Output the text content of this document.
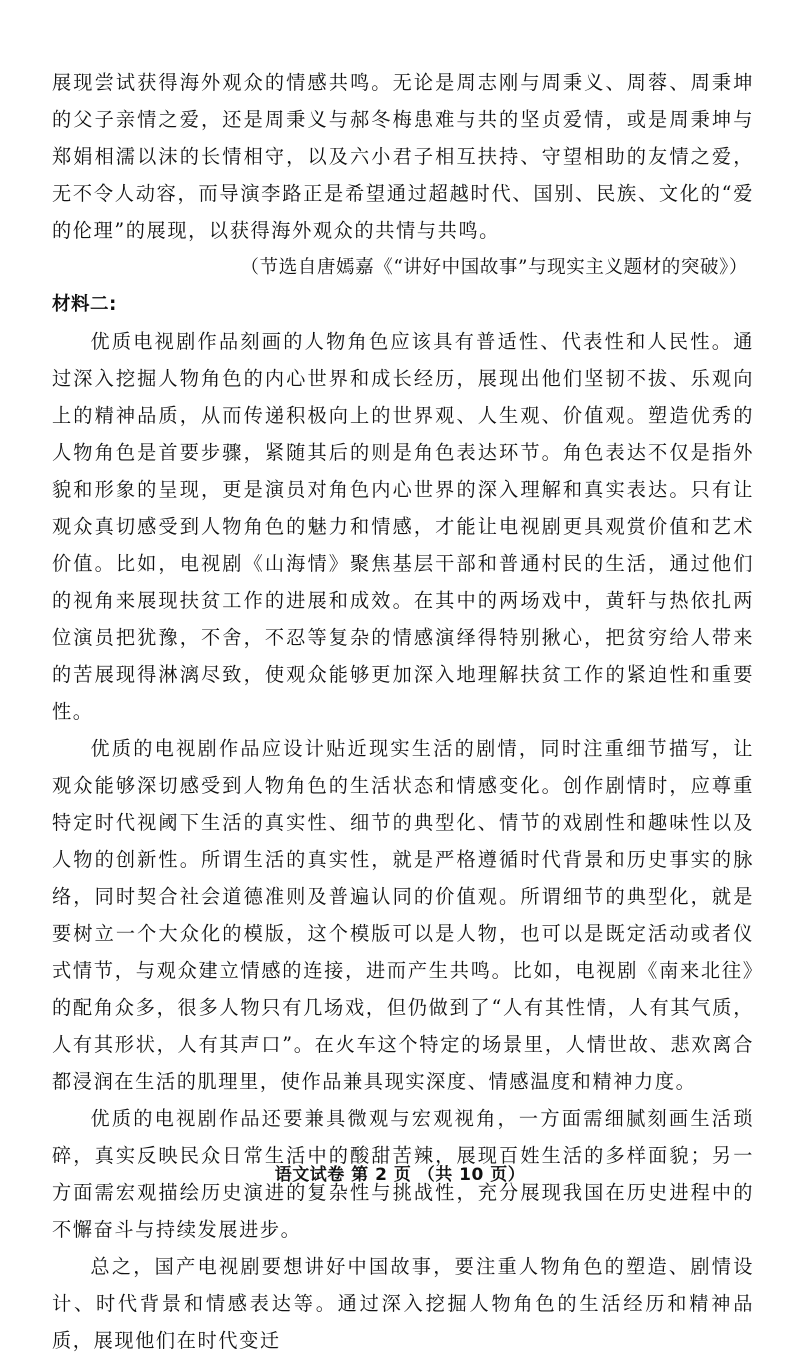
展现尝试获得海外观众的情感共鸣。无论是周志刚与周秉义、周蓉、周秉坤的父子亲情之爱，还是周秉义与郝冬梅患难与共的坚贞爱情，或是周秉坤与郑娟相濡以沫的长情相守，以及六小君子相互扶持、守望相助的友情之爱，无不令人动容，而导演李路正是希望通过超越时代、国别、民族、文化的“爱的伦理”的展现，以获得海外观众的共情与共鸣。

（节选自唐嫣嘉《“讲好中国故事”与现实主义题材的突破》）

材料二:

优质电视剧作品刻画的人物角色应该具有普适性、代表性和人民性。通过深入挖掘人物角色的内心世界和成长经历，展现出他们坚韧不拔、乐观向上的精神品质，从而传递积极向上的世界观、人生观、价值观。塑造优秀的人物角色是首要步骤，紧随其后的则是角色表达环节。角色表达不仅是指外貌和形象的呈现，更是演员对角色内心世界的深入理解和真实表达。只有让观众真切感受到人物角色的魅力和情感，才能让电视剧更具观赏价值和艺术价值。比如，电视剧《山海情》聚焦基层干部和普通村民的生活，通过他们的视角来展现扶贫工作的进展和成效。在其中的两场戏中，黄轩与热依扎两位演员把犹豫，不舍，不忍等复杂的情感演绎得特别揪心，把贫穷给人带来的苦展现得淋漓尽致，使观众能够更加深入地理解扶贫工作的紧迫性和重要性。

优质的电视剧作品应设计贴近现实生活的剧情，同时注重细节描写，让观众能够深切感受到人物角色的生活状态和情感变化。创作剧情时，应尊重特定时代视阈下生活的真实性、细节的典型化、情节的戏剧性和趣味性以及人物的创新性。所谓生活的真实性，就是严格遵循时代背景和历史事实的脉络，同时契合社会道德准则及普遍认同的价值观。所谓细节的典型化，就是要树立一个大众化的模版，这个模版可以是人物，也可以是既定活动或者仪式情节，与观众建立情感的连接，进而产生共鸣。比如，电视剧《南来北往》的配角众多，很多人物只有几场戏，但仍做到了“人有其性情，人有其气质，人有其形状，人有其声口”。在火车这个特定的场景里，人情世故、悲欢离合都浸润在生活的肌理里，使作品兼具现实深度、情感温度和精神力度。

优质的电视剧作品还要兼具微观与宏观视角，一方面需细腻刻画生活琐碎，真实反映民众日常生活中的酸甜苦辣，展现百姓生活的多样面貌；另一方面需宏观描绘历史演进的复杂性与挑战性，充分展现我国在历史进程中的不懈奋斗与持续发展进步。

总之，国产电视剧要想讲好中国故事，要注重人物角色的塑造、剧情设计、时代背景和情感表达等。通过深入挖掘人物角色的生活经历和精神品质，展现他们在时代变迁

语文试卷 第 2 页 （共 10 页）
